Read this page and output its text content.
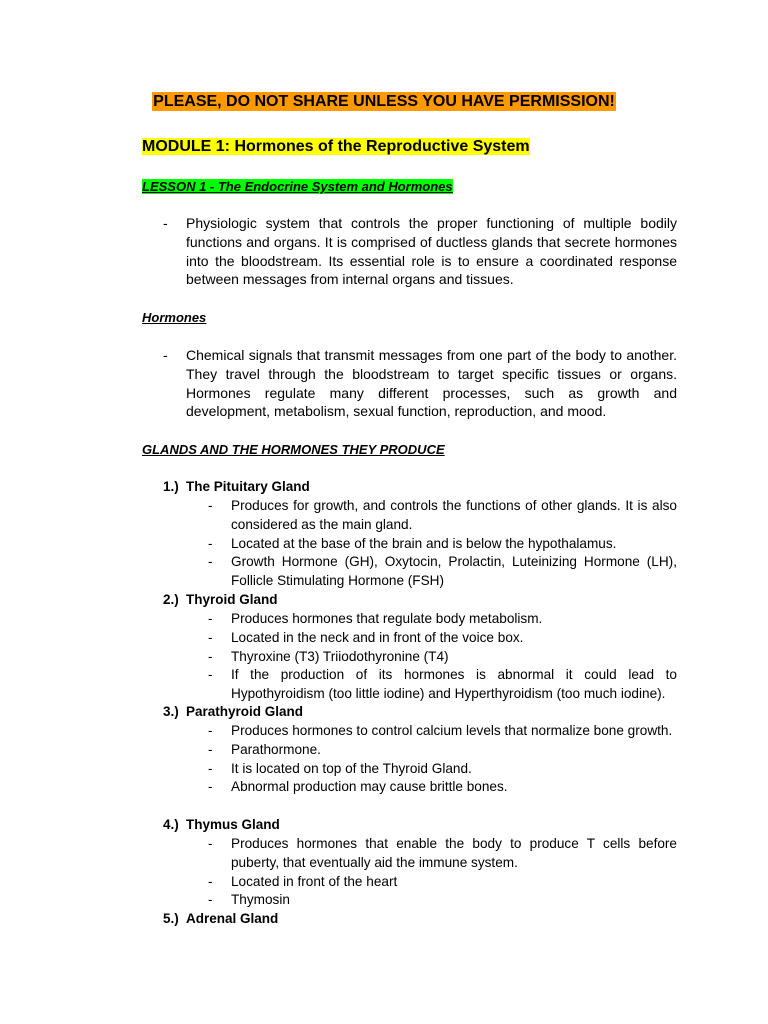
PLEASE, DO NOT SHARE UNLESS YOU HAVE PERMISSION!
MODULE 1: Hormones of the Reproductive System
LESSON 1 - The Endocrine System and Hormones
- Physiologic system that controls the proper functioning of multiple bodily functions and organs. It is comprised of ductless glands that secrete hormones into the bloodstream. Its essential role is to ensure a coordinated response between messages from internal organs and tissues.
Hormones
- Chemical signals that transmit messages from one part of the body to another. They travel through the bloodstream to target specific tissues or organs. Hormones regulate many different processes, such as growth and development, metabolism, sexual function, reproduction, and mood.
GLANDS AND THE HORMONES THEY PRODUCE
1.) The Pituitary Gland
- Produces for growth, and controls the functions of other glands. It is also considered as the main gland.
- Located at the base of the brain and is below the hypothalamus.
- Growth Hormone (GH), Oxytocin, Prolactin, Luteinizing Hormone (LH), Follicle Stimulating Hormone (FSH)
2.) Thyroid Gland
- Produces hormones that regulate body metabolism.
- Located in the neck and in front of the voice box.
- Thyroxine (T3) Triiodothyronine (T4)
- If the production of its hormones is abnormal it could lead to Hypothyroidism (too little iodine) and Hyperthyroidism (too much iodine).
3.) Parathyroid Gland
- Produces hormones to control calcium levels that normalize bone growth.
- Parathormone.
- It is located on top of the Thyroid Gland.
- Abnormal production may cause brittle bones.
4.) Thymus Gland
- Produces hormones that enable the body to produce T cells before puberty, that eventually aid the immune system.
- Located in front of the heart
- Thymosin
5.) Adrenal Gland
